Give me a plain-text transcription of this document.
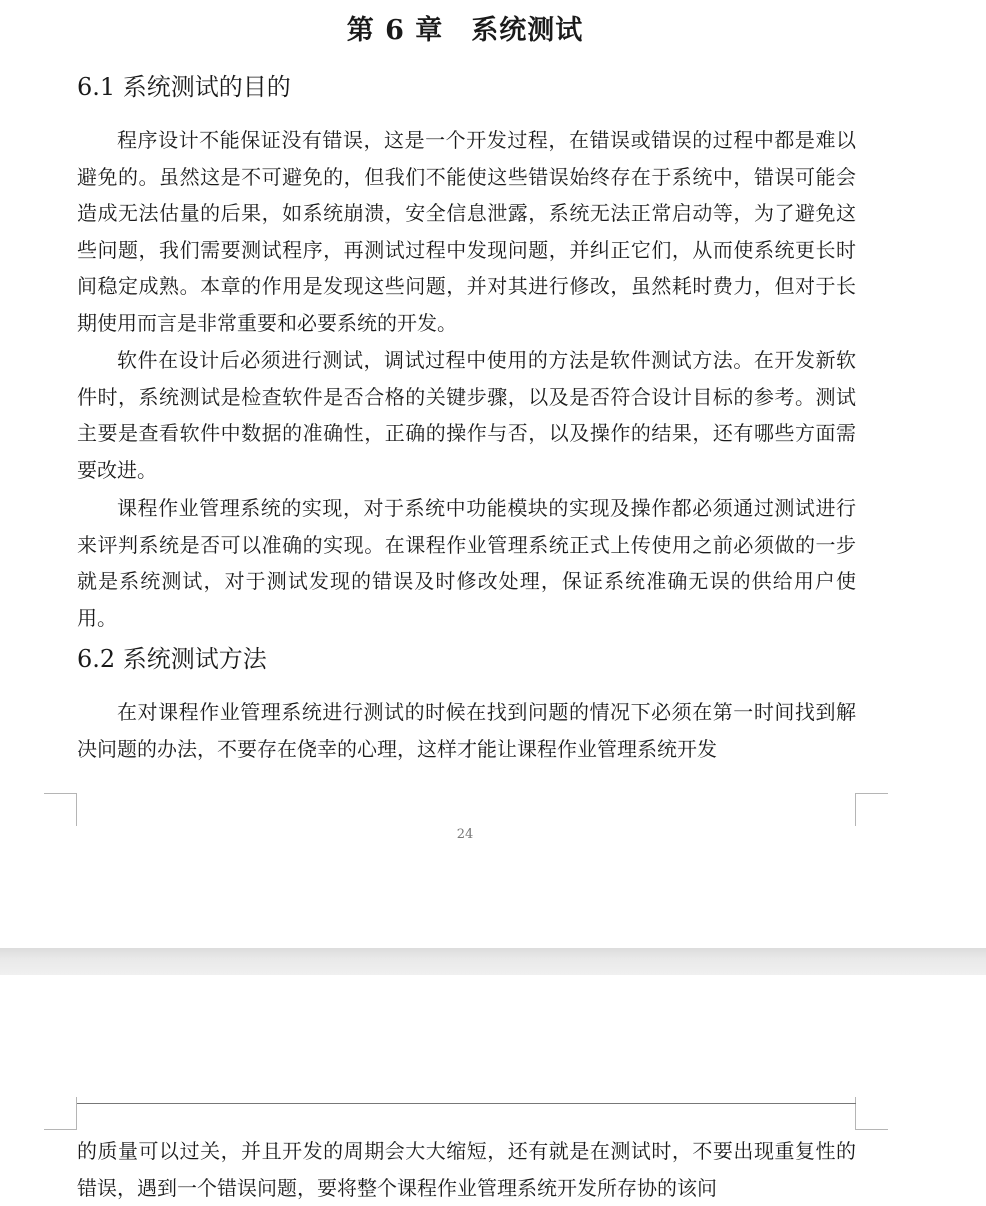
第 6 章　系统测试
6.1 系统测试的目的

程序设计不能保证没有错误，这是一个开发过程，在错误或错误的过程中都是难以避免的。虽然这是不可避免的，但我们不能使这些错误始终存在于系统中，错误可能会造成无法估量的后果，如系统崩溃，安全信息泄露，系统无法正常启动等，为了避免这些问题，我们需要测试程序，再测试过程中发现问题，并纠正它们，从而使系统更长时间稳定成熟。本章的作用是发现这些问题，并对其进行修改，虽然耗时费力，但对于长期使用而言是非常重要和必要系统的开发。

软件在设计后必须进行测试，调试过程中使用的方法是软件测试方法。在开发新软件时，系统测试是检查软件是否合格的关键步骤，以及是否符合设计目标的参考。测试主要是查看软件中数据的准确性，正确的操作与否，以及操作的结果，还有哪些方面需要改进。

课程作业管理系统的实现，对于系统中功能模块的实现及操作都必须通过测试进行来评判系统是否可以准确的实现。在课程作业管理系统正式上传使用之前必须做的一步就是系统测试，对于测试发现的错误及时修改处理，保证系统准确无误的供给用户使用。

6.2 系统测试方法

在对课程作业管理系统进行测试的时候在找到问题的情况下必须在第一时间找到解决问题的办法，不要存在侥幸的心理，这样才能让课程作业管理系统开发

24

的质量可以过关，并且开发的周期会大大缩短，还有就是在测试时，不要出现重复性的错误，遇到一个错误问题，要将整个课程作业管理系统开发所存协的该问
